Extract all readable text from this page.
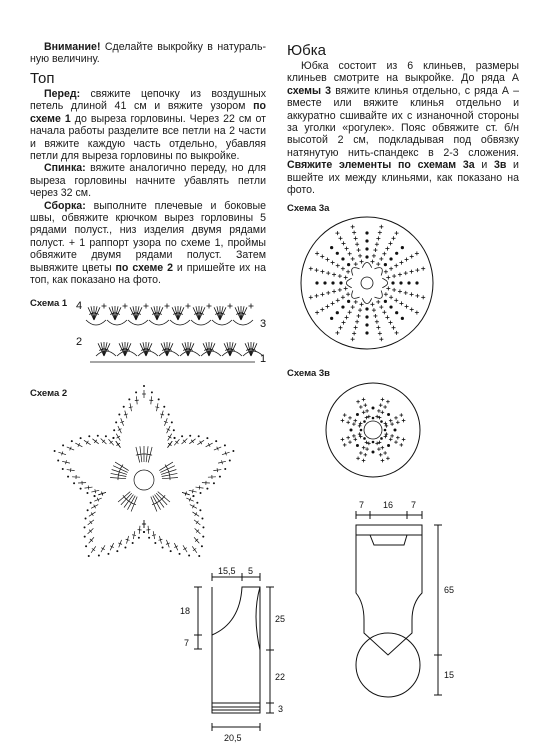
Внимание! Сделайте выкройку в натураль-ную величину.

Топ

Перед: свяжите цепочку из воздушных петель длиной 41 см и вяжите узором по схеме 1 до выреза горловины. Через 22 см от начала работы разделите все петли на 2 части и вяжите каждую часть отдельно, убавляя петли для выреза горловины по выкройке.

Спинка: вяжите аналогично переду, но для выреза горловины начните убавлять петли через 32 см.

Сборка: выполните плечевые и боковые швы, обвяжите крючком вырез горловины 5 рядами полуст., низ изделия двумя рядами полуст. + 1 раппорт узора по схеме 1, проймы обвяжите двумя рядами полуст. Затем вывяжите цветы по схеме 2 и пришейте их на топ, как показано на фото.

Юбка

Юбка состоит из 6 клиньев, размеры клиньев смотрите на выкройке. До ряда А схемы 3 вяжите клинья отдельно, с ряда А – вместе или вяжите клинья отдельно и аккуратно сшивайте их с изнаночной стороны за уголки «рогулек». Пояс обвяжите ст. б/н высотой 2 см, подкладывая под обвязку натянутую нить-спандекс в 2-3 сложения. Свяжите элементы по схемам 3а и 3в и вшейте их между клиньями, как показано на фото.

Схема 1
Схема 2
Схема 3а
Схема 3в
4
3
2
1
15,5 5
18
7
25
22
3
20,5
7 16 7
65
15
